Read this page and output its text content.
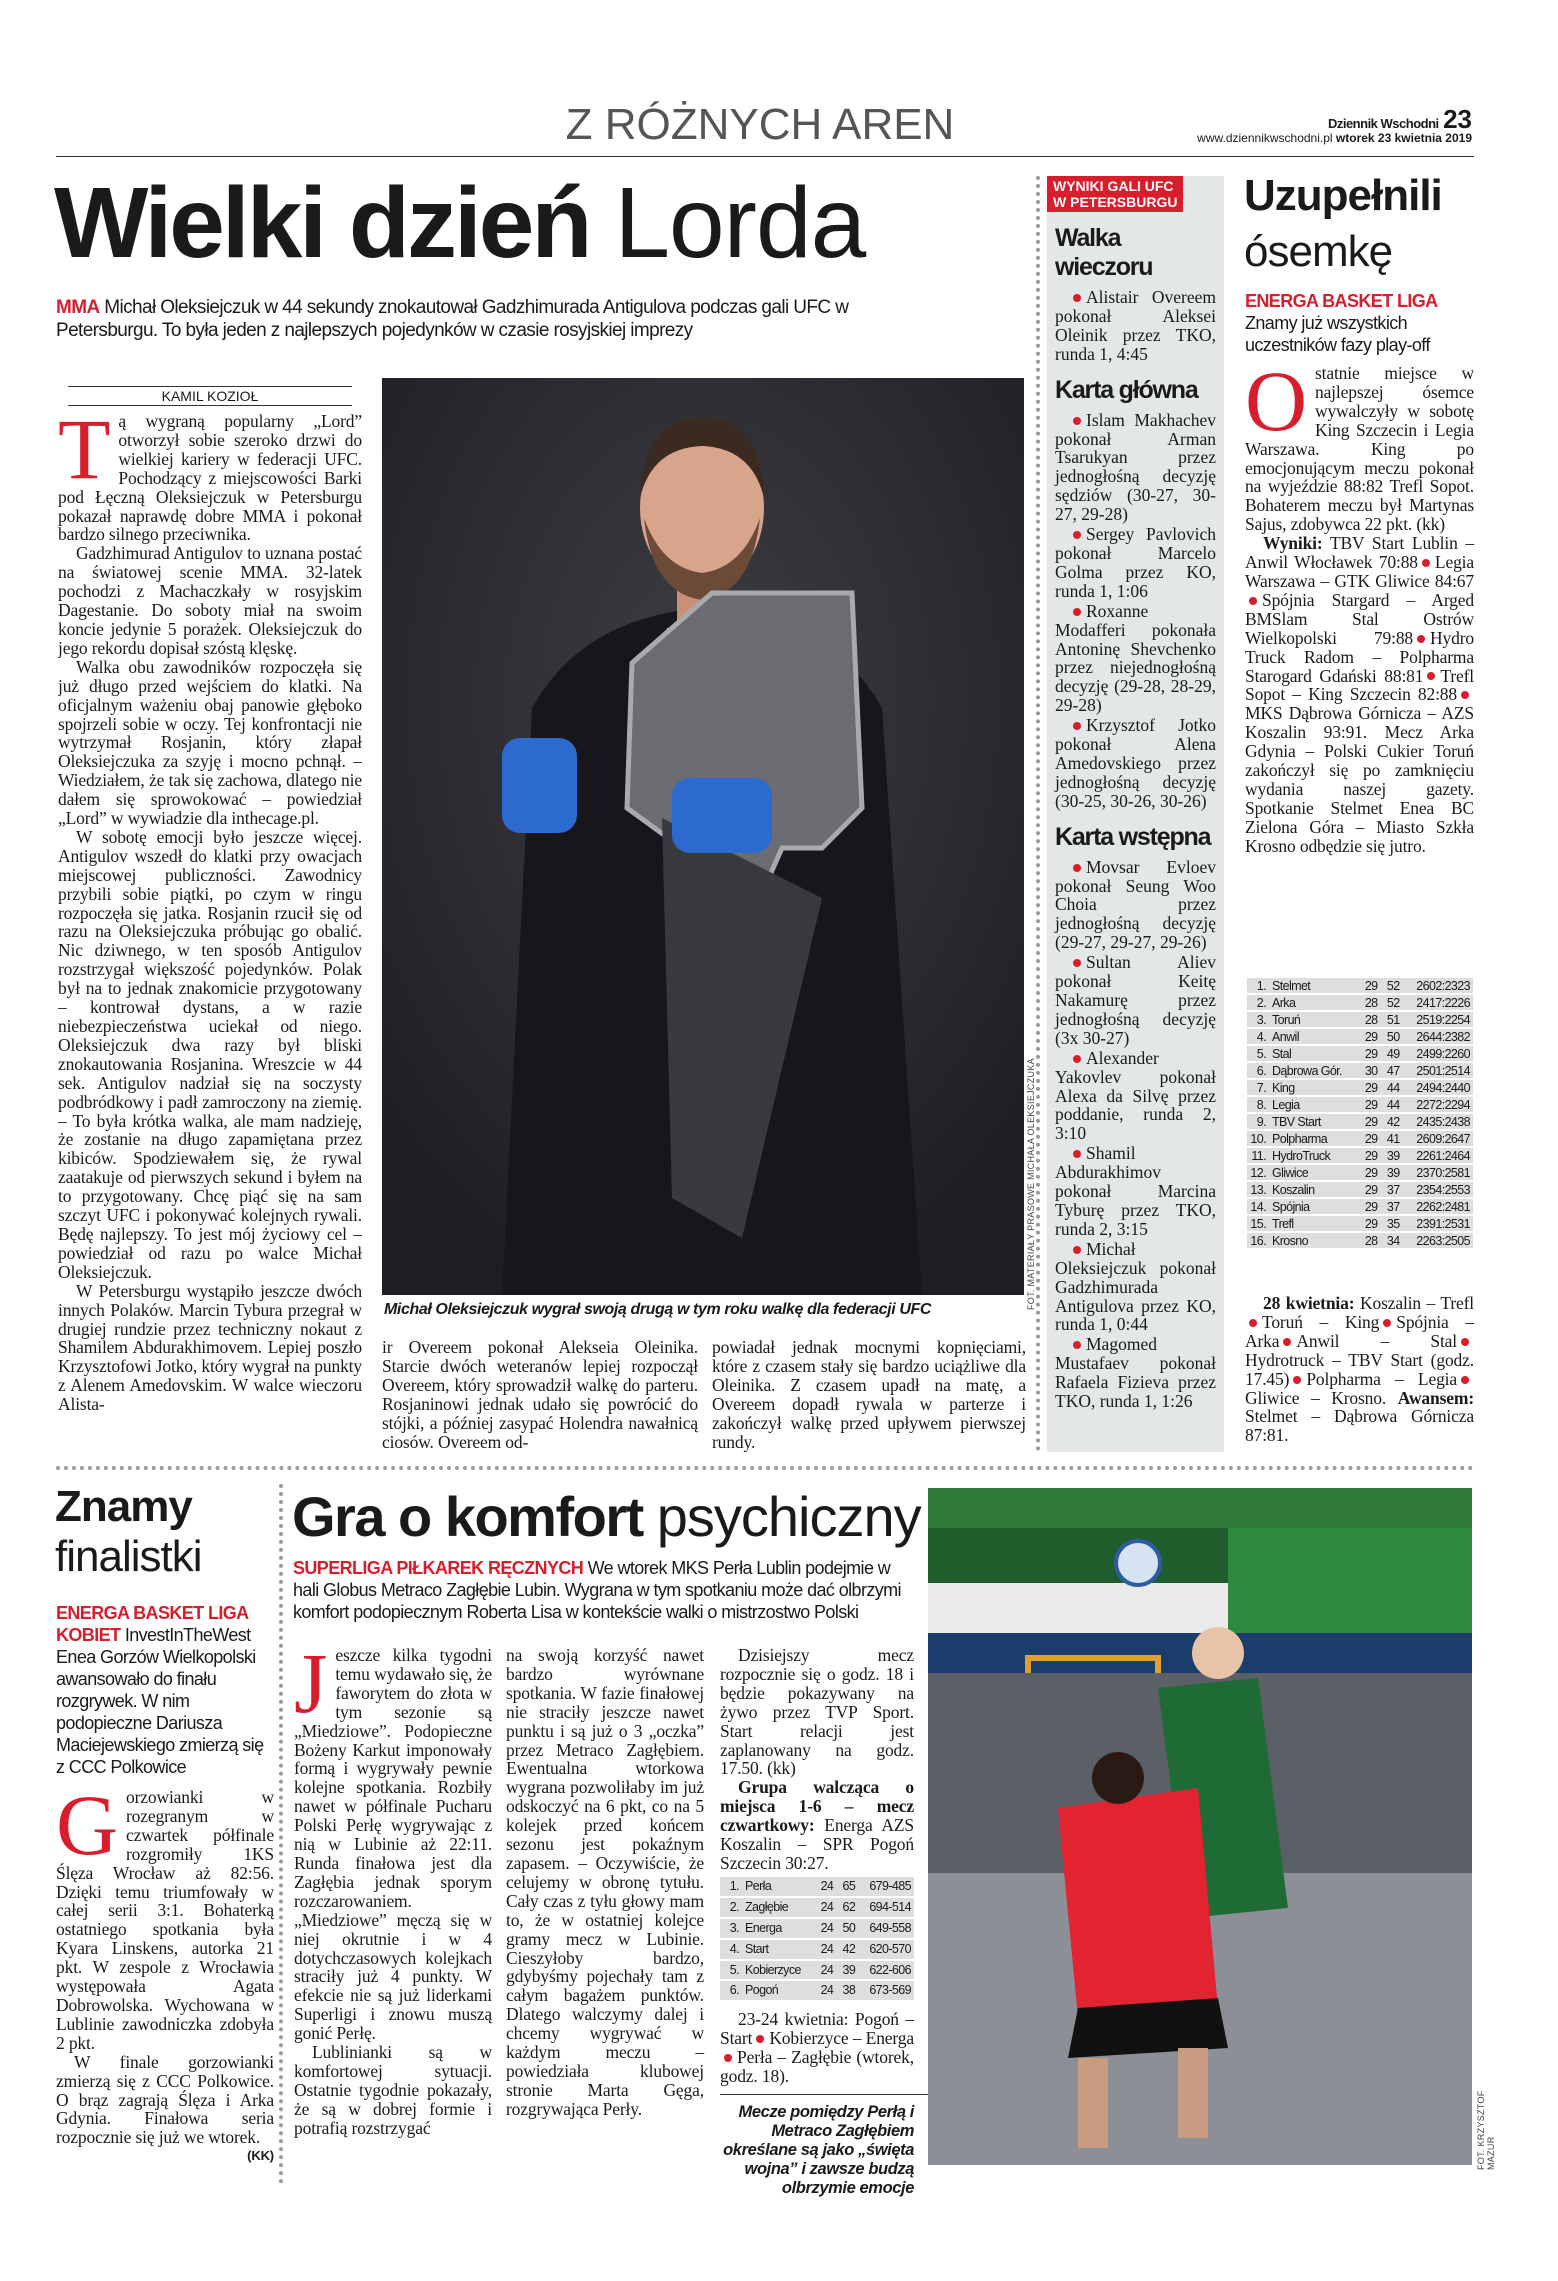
Z RÓŻNYCH AREN	Dziennik Wschodni 23
www.dziennikwschodni.pl wtorek 23 kwietnia 2019
Wielki dzień Lorda
MMA Michał Oleksiejczuk w 44 sekundy znokautował Gadzhimurada Antigulova podczas gali UFC w Petersburgu. To była jeden z najlepszych pojedynków w czasie rosyjskiej imprezy
KAMIL KOZIOŁ

Tą wygraną popularny „Lord” otworzył sobie szeroko drzwi do wielkiej kariery w federacji UFC. Pochodzący z miejscowości Barki pod Łęczną Oleksiejczuk w Petersburgu pokazał naprawdę dobre MMA i pokonał bardzo silnego przeciwnika.

Gadzhimurad Antigulov to uznana postać na światowej scenie MMA. 32-latek pochodzi z Machaczkały w rosyjskim Dagestanie. Do soboty miał na swoim koncie jedynie 5 porażek. Oleksiejczuk do jego rekordu dopisał szóstą klęskę.

Walka obu zawodników rozpoczęła się już długo przed wejściem do klatki. Na oficjalnym ważeniu obaj panowie głęboko spojrzeli sobie w oczy. Tej konfrontacji nie wytrzymał Rosjanin, który złapał Oleksiejczuka za szyję i mocno pchnął. – Wiedziałem, że tak się zachowa, dlatego nie dałem się sprowokować – powiedział „Lord” w wywiadzie dla inthecage.pl.

W sobotę emocji było jeszcze więcej. Antigulov wszedł do klatki przy owacjach miejscowej publiczności. Zawodnicy przybili sobie piątki, po czym w ringu rozpoczęła się jatka. Rosjanin rzucił się od razu na Oleksiejczuka próbując go obalić. Nic dziwnego, w ten sposób Antigulov rozstrzygał większość pojedynków. Polak był na to jednak znakomicie przygotowany – kontrował dystans, a w razie niebezpieczeństwa uciekał od niego. Oleksiejczuk dwa razy był bliski znokautowania Rosjanina. Wreszcie w 44 sek. Antigulov nadział się na soczysty podbródkowy i padł zamroczony na ziemię. – To była krótka walka, ale mam nadzieję, że zostanie na długo zapamiętana przez kibiców. Spodziewałem się, że rywal zaatakuje od pierwszych sekund i byłem na to przygotowany. Chcę piąć się na sam szczyt UFC i pokonywać kolejnych rywali. Będę najlepszy. To jest mój życiowy cel – powiedział od razu po walce Michał Oleksiejczuk.

W Petersburgu wystąpiło jeszcze dwóch innych Polaków. Marcin Tybura przegrał w drugiej rundzie przez techniczny nokaut z Shamilem Abdurakhimovem. Lepiej poszło Krzysztofowi Jotko, który wygrał na punkty z Alenem Amedovskim. W walce wieczoru Alista-

FOT. MATERIAŁY PRASOWE MICHAŁA OLEKSIEJCZUKA
Michał Oleksiejczuk wygrał swoją drugą w tym roku walkę dla federacji UFC

ir Overeem pokonał Alekseia Oleinika. Starcie dwóch weteranów lepiej rozpoczął Overeem, który sprowadził walkę do parteru. Rosjaninowi jednak udało się powrócić do stójki, a później zasypać Holendra nawałnicą ciosów. Overeem od-

powiadał jednak mocnymi kopnięciami, które z czasem stały się bardzo uciążliwe dla Oleinika. Z czasem upadł na matę, a Overeem dopadł rywala w parterze i zakończył walkę przed upływem pierwszej rundy.

WYNIKI GALI UFC
W PETERSBURGU
Walka wieczoru
Alistair Overeem pokonał Aleksei Oleinik przez TKO, runda 1, 4:45
Karta główna
Islam Makhachev pokonał Arman Tsarukyan przez jednogłośną decyzję sędziów (30-27, 30-27, 29-28)
Sergey Pavlovich pokonał Marcelo Golma przez KO, runda 1, 1:06
Roxanne Modafferi pokonała Antoninę Shevchenko przez niejednogłośną decyzję (29-28, 28-29, 29-28)
Krzysztof Jotko pokonał Alena Amedovskiego przez jednogłośną decyzję (30-25, 30-26, 30-26)
Karta wstępna
Movsar Evloev pokonał Seung Woo Choia przez jednogłośną decyzję (29-27, 29-27, 29-26)
Sultan Aliev pokonał Keitę Nakamurę przez jednogłośną decyzję (3x 30-27)
Alexander Yakovlev pokonał Alexa da Silvę przez poddanie, runda 2, 3:10
Shamil Abdurakhimov pokonał Marcina Tyburę przez TKO, runda 2, 3:15
Michał Oleksiejczuk pokonał Gadzhimurada Antigulova przez KO, runda 1, 0:44
Magomed Mustafaev pokonał Rafaela Fizieva przez TKO, runda 1, 1:26
Uzupełnili
ósemkę
ENERGA BASKET LIGA Znamy już wszystkich uczestników fazy play-off

Ostatnie miejsce w najlepszej ósemce wywalczyły w sobotę King Szczecin i Legia Warszawa. King po emocjonującym meczu pokonał na wyjeździe 88:82 Trefl Sopot. Bohaterem meczu był Martynas Sajus, zdobywca 22 pkt. (kk)

Wyniki: TBV Start Lublin – Anwil Włocławek 70:88 Legia Warszawa – GTK Gliwice 84:67Spójnia Stargard – Arged BMSlam Stal Ostrów Wielkopolski 79:88 Hydro Truck Radom – Polpharma Starogard Gdański 88:81 Trefl Sopot – King Szczecin 82:88MKS Dąbrowa Górnicza – AZS Koszalin 93:91. Mecz Arka Gdynia – Polski Cukier Toruń zakończył się po zamknięciu wydania naszej gazety. Spotkanie Stelmet Enea BC Zielona Góra – Miasto Szkła Krosno odbędzie się jutro.

1.	Stelmet	29	52	2602:2323
2.	Arka	28	52	2417:2226
3.	Toruń	28	51	2519:2254
4.	Anwil	29	50	2644:2382
5.	Stal	29	49	2499:2260
6.	Dąbrowa Gór.	30	47	2501:2514
7.	King	29	44	2494:2440
8.	Legia	29	44	2272:2294
9.	TBV Start	29	42	2435:2438
10.	Polpharma	29	41	2609:2647
11.	HydroTruck	29	39	2261:2464
12.	Gliwice	29	39	2370:2581
13.	Koszalin	29	37	2354:2553
14.	Spójnia	29	37	2262:2481
15.	Trefl	29	35	2391:2531
16.	Krosno	28	34	2263:2505

28 kwietnia: Koszalin – TreflToruń – King Spójnia – Arka Anwil – StalHydrotruck – TBV Start (godz. 17.45) Polpharma – LegiaGliwice – Krosno. Awansem: Stelmet – Dąbrowa Górnicza 87:81.

Znamy
finalistki
ENERGA BASKET LIGA KOBIET InvestInTheWest Enea Gorzów Wielkopolski awansowało do finału rozgrywek. W nim podopieczne Dariusza Maciejewskiego zmierzą się z CCC Polkowice

Gorzowianki w rozegranym w czwartek półfinale rozgromiły 1KS Ślęza Wrocław aż 82:56. Dzięki temu triumfowały w całej serii 3:1. Bohaterką ostatniego spotkania była Kyara Linskens, autorka 21 pkt. W zespole z Wrocławia występowała Agata Dobrowolska. Wychowana w Lublinie zawodniczka zdobyła 2 pkt.

W finale gorzowianki zmierzą się z CCC Polkowice. O brąz zagrają Ślęza i Arka Gdynia. Finałowa seria rozpocznie się już we wtorek.

(KK)
Gra o komfort psychiczny
SUPERLIGA PIŁKAREK RĘCZNYCH We wtorek MKS Perła Lublin podejmie w hali Globus Metraco Zagłębie Lubin. Wygrana w tym spotkaniu może dać olbrzymi komfort podopiecznym Roberta Lisa w kontekście walki o mistrzostwo Polski

Jeszcze kilka tygodni temu wydawało się, że faworytem do złota w tym sezonie są „Miedziowe”. Podopieczne Bożeny Karkut imponowały formą i wygrywały pewnie kolejne spotkania. Rozbiły nawet w półfinale Pucharu Polski Perłę wygrywając z nią w Lubinie aż 22:11. Runda finałowa jest dla Zagłębia jednak sporym rozczarowaniem. „Miedziowe” męczą się w niej okrutnie i w 4 dotychczasowych kolejkach straciły już 4 punkty. W efekcie nie są już liderkami Superligi i znowu muszą gonić Perłę.

Lublinianki są w komfortowej sytuacji. Ostatnie tygodnie pokazały, że są w dobrej formie i potrafią rozstrzygać

na swoją korzyść nawet bardzo wyrównane spotkania. W fazie finałowej nie straciły jeszcze nawet punktu i są już o 3 „oczka” przez Metraco Zagłębiem. Ewentualna wtorkowa wygrana pozwoliłaby im już odskoczyć na 6 pkt, co na 5 kolejek przed końcem sezonu jest pokaźnym zapasem. – Oczywiście, że celujemy w obronę tytułu. Cały czas z tyłu głowy mam to, że w ostatniej kolejce gramy mecz w Lubinie. Cieszyłoby bardzo, gdybyśmy pojechały tam z całym bagażem punktów. Dlatego walczymy dalej i chcemy wygrywać w każdym meczu – powiedziała klubowej stronie Marta Gęga, rozgrywająca Perły.

Dzisiejszy mecz rozpocznie się o godz. 18 i będzie pokazywany na żywo przez TVP Sport. Start relacji jest zaplanowany na godz. 17.50. (kk)

Grupa walcząca o miejsca 1-6 – mecz czwartkowy: Energa AZS Koszalin – SPR Pogoń Szczecin 30:27.

1.	Perła	24	65	679-485
2.	Zagłębie	24	62	694-514
3.	Energa	24	50	649-558
4.	Start	24	42	620-570
5.	Kobierzyce	24	39	622-606
6.	Pogoń	24	38	673-569

23-24 kwietnia: Pogoń – Start Kobierzyce – EnergaPerła – Zagłębie (wtorek, godz. 18).

Mecze pomiędzy Perłą i Metraco Zagłębiem określane są jako „święta wojna” i zawsze budzą olbrzymie emocje
FOT. KRZYSZTOF MAZUR
